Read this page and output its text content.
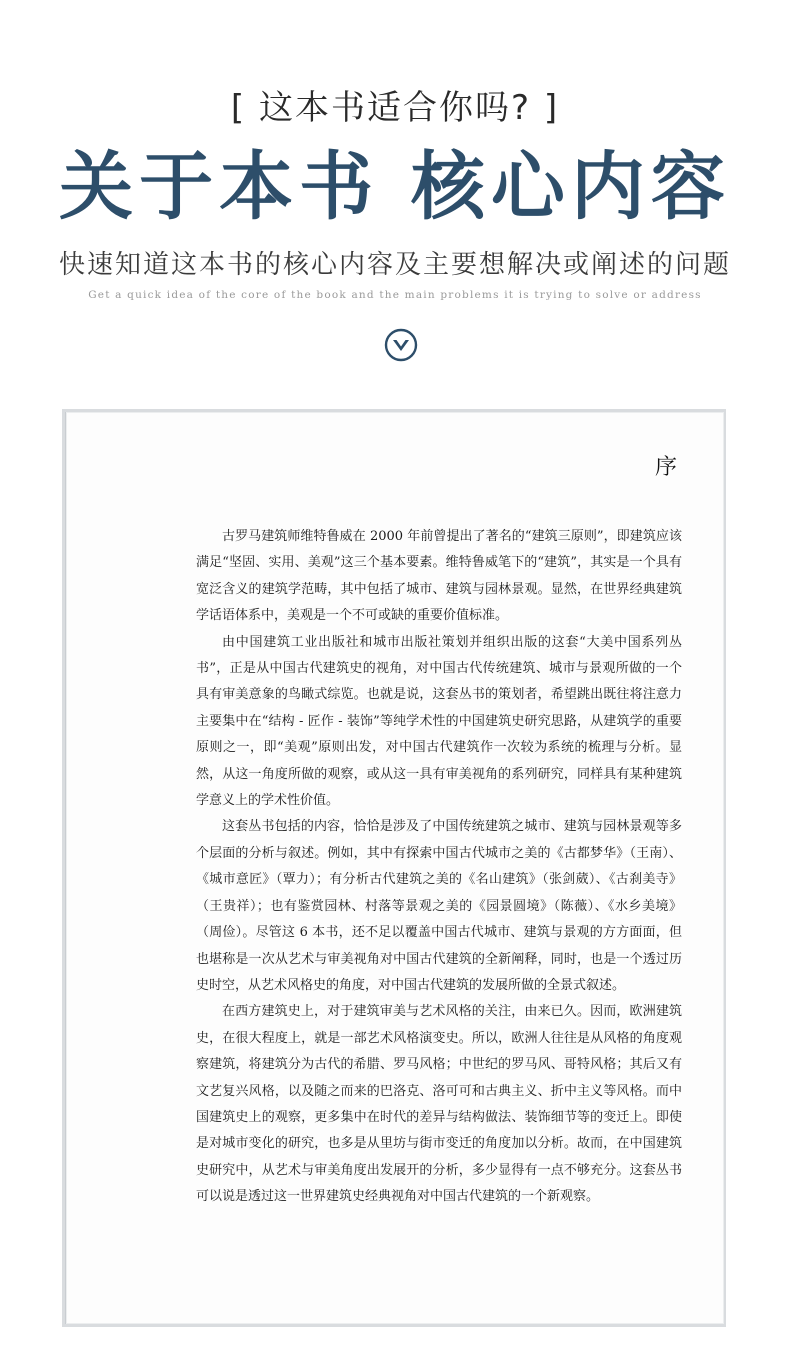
[ 这本书适合你吗? ]
关于本书 核心内容
快速知道这本书的核心内容及主要想解决或阐述的问题
Get a quick idea of the core of the book and the main problems it is trying to solve or address
序

古罗马建筑师维特鲁威在 2000 年前曾提出了著名的“建筑三原则”，即建筑应该满足“坚固、实用、美观”这三个基本要素。维特鲁威笔下的“建筑”，其实是一个具有宽泛含义的建筑学范畴，其中包括了城市、建筑与园林景观。显然，在世界经典建筑学话语体系中，美观是一个不可或缺的重要价值标准。

由中国建筑工业出版社和城市出版社策划并组织出版的这套“大美中国系列丛书”，正是从中国古代建筑史的视角，对中国古代传统建筑、城市与景观所做的一个具有审美意象的鸟瞰式综览。也就是说，这套丛书的策划者，希望跳出既往将注意力主要集中在“结构 - 匠作 - 装饰”等纯学术性的中国建筑史研究思路，从建筑学的重要原则之一，即“美观”原则出发，对中国古代建筑作一次较为系统的梳理与分析。显然，从这一角度所做的观察，或从这一具有审美视角的系列研究，同样具有某种建筑学意义上的学术性价值。

这套丛书包括的内容，恰恰是涉及了中国传统建筑之城市、建筑与园林景观等多个层面的分析与叙述。例如，其中有探索中国古代城市之美的《古都梦华》（王南）、《城市意匠》（覃力）；有分析古代建筑之美的《名山建筑》（张剑葳）、《古刹美寺》（王贵祥）；也有鉴赏园林、村落等景观之美的《园景圆境》（陈薇）、《水乡美境》（周俭）。尽管这 6 本书，还不足以覆盖中国古代城市、建筑与景观的方方面面，但也堪称是一次从艺术与审美视角对中国古代建筑的全新阐释，同时，也是一个透过历史时空，从艺术风格史的角度，对中国古代建筑的发展所做的全景式叙述。

在西方建筑史上，对于建筑审美与艺术风格的关注，由来已久。因而，欧洲建筑史，在很大程度上，就是一部艺术风格演变史。所以，欧洲人往往是从风格的角度观察建筑，将建筑分为古代的希腊、罗马风格；中世纪的罗马风、哥特风格；其后又有文艺复兴风格，以及随之而来的巴洛克、洛可可和古典主义、折中主义等风格。而中国建筑史上的观察，更多集中在时代的差异与结构做法、装饰细节等的变迁上。即使是对城市变化的研究，也多是从里坊与街市变迁的角度加以分析。故而，在中国建筑史研究中，从艺术与审美角度出发展开的分析，多少显得有一点不够充分。这套丛书可以说是透过这一世界建筑史经典视角对中国古代建筑的一个新观察。
